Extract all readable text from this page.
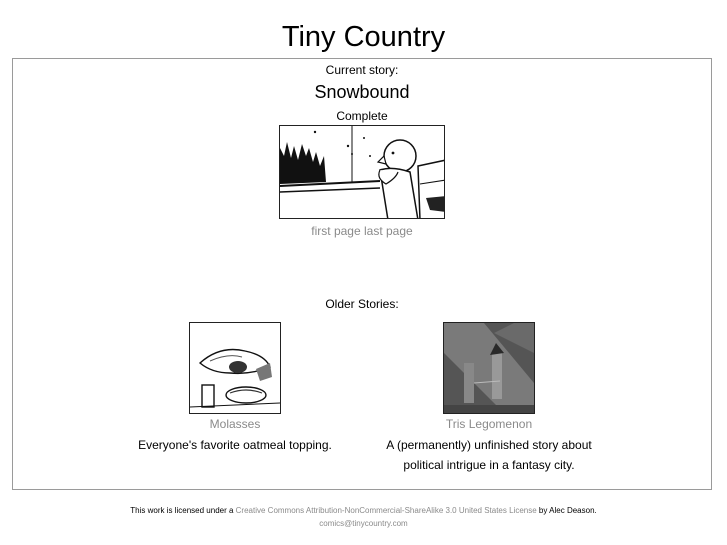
Tiny Country
Current story:
Snowbound
Complete
first page last page
Older Stories:
Molasses
Everyone's favorite oatmeal topping.
Tris Legomenon
A (permanently) unfinished story about
political intrigue in a fantasy city.
This work is licensed under a Creative Commons Attribution-NonCommercial-ShareAlike 3.0 United States License by Alec Deason.
comics@tinycountry.com
